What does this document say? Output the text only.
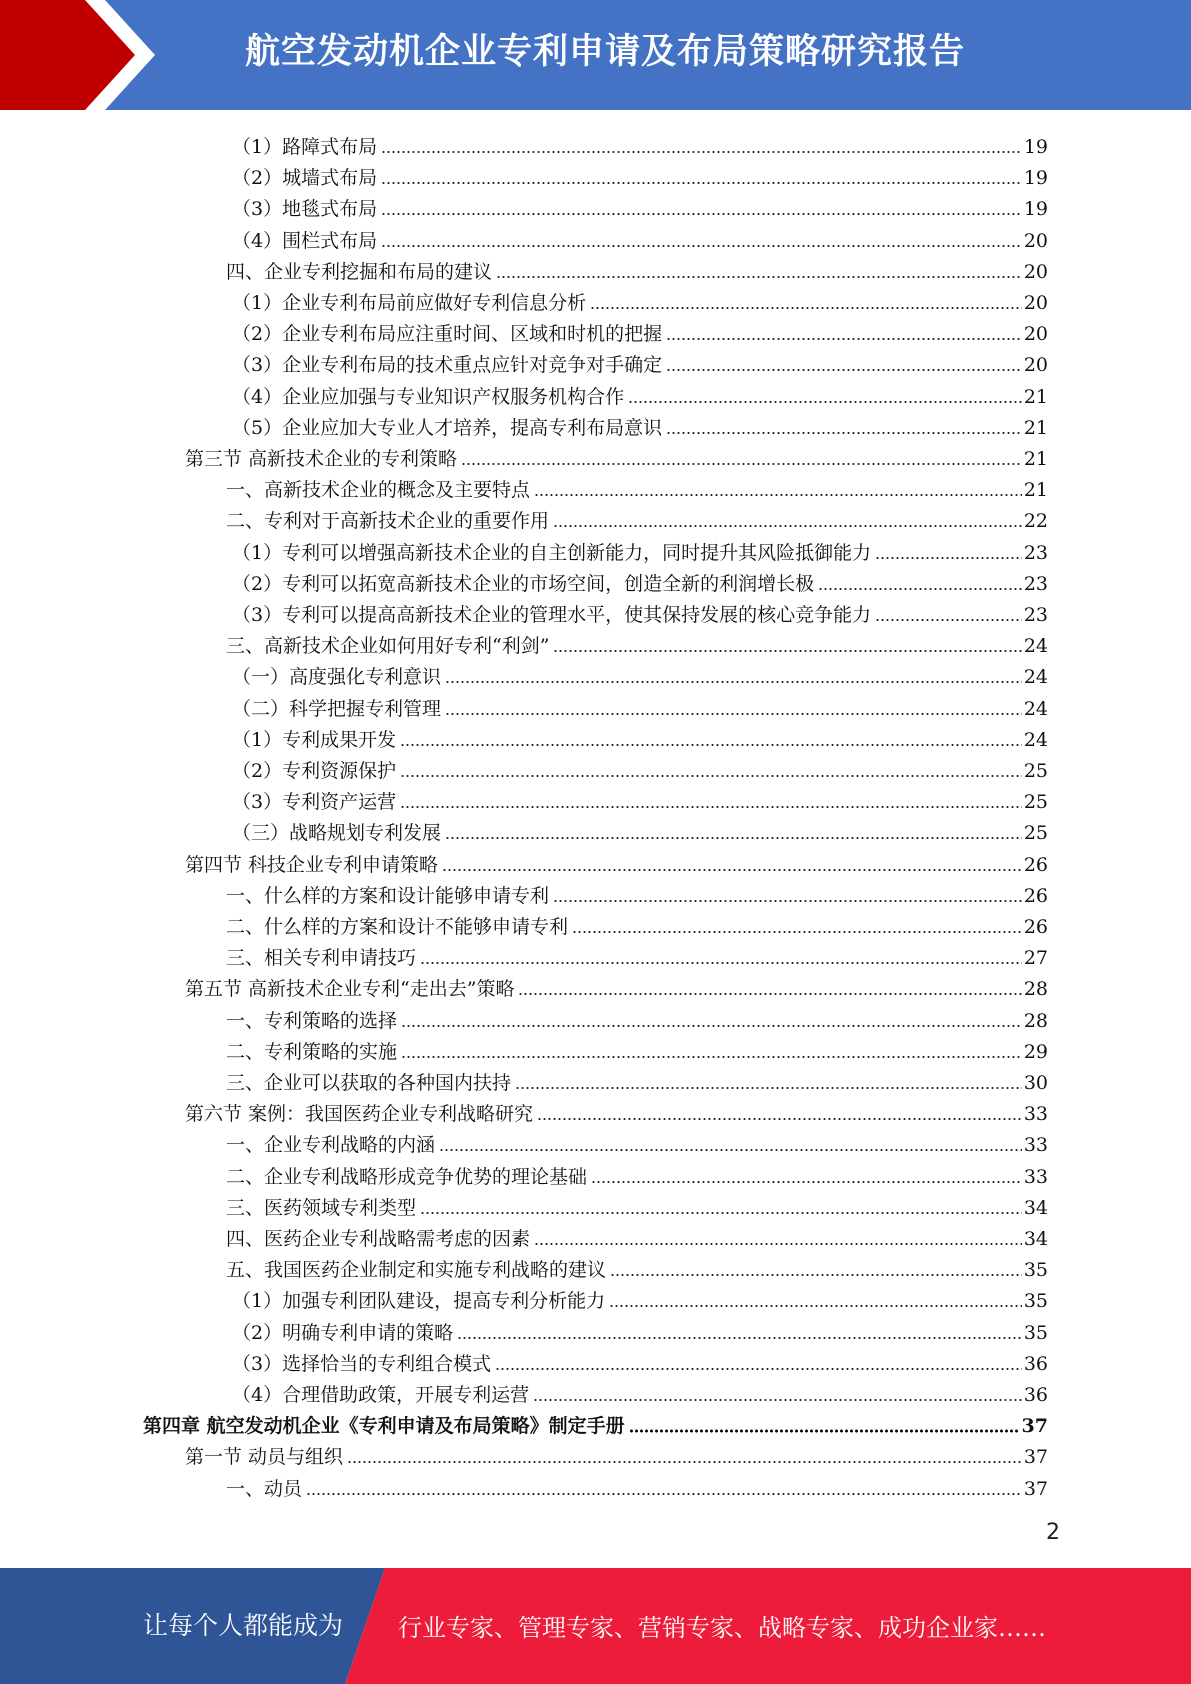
航空发动机企业专利申请及布局策略研究报告
（1）路障式布局	19
（2）城墙式布局	19
（3）地毯式布局	19
（4）围栏式布局	20
四、企业专利挖掘和布局的建议	20
（1）企业专利布局前应做好专利信息分析	20
（2）企业专利布局应注重时间、区域和时机的把握	20
（3）企业专利布局的技术重点应针对竞争对手确定	20
（4）企业应加强与专业知识产权服务机构合作	21
（5）企业应加大专业人才培养，提高专利布局意识	21
第三节 高新技术企业的专利策略	21
一、高新技术企业的概念及主要特点	21
二、专利对于高新技术企业的重要作用	22
（1）专利可以增强高新技术企业的自主创新能力，同时提升其风险抵御能力	23
（2）专利可以拓宽高新技术企业的市场空间，创造全新的利润增长极	23
（3）专利可以提高高新技术企业的管理水平，使其保持发展的核心竞争能力	23
三、高新技术企业如何用好专利“利剑”	24
（一）高度强化专利意识	24
（二）科学把握专利管理	24
（1）专利成果开发	24
（2）专利资源保护	25
（3）专利资产运营	25
（三）战略规划专利发展	25
第四节 科技企业专利申请策略	26
一、什么样的方案和设计能够申请专利	26
二、什么样的方案和设计不能够申请专利	26
三、相关专利申请技巧	27
第五节 高新技术企业专利“走出去”策略	28
一、专利策略的选择	28
二、专利策略的实施	29
三、企业可以获取的各种国内扶持	30
第六节 案例：我国医药企业专利战略研究	33
一、企业专利战略的内涵	33
二、企业专利战略形成竞争优势的理论基础	33
三、医药领域专利类型	34
四、医药企业专利战略需考虑的因素	34
五、我国医药企业制定和实施专利战略的建议	35
（1）加强专利团队建设，提高专利分析能力	35
（2）明确专利申请的策略	35
（3）选择恰当的专利组合模式	36
（4）合理借助政策，开展专利运营	36
第四章 航空发动机企业《专利申请及布局策略》制定手册	37
第一节 动员与组织	37
一、动员	37
2
让每个人都能成为 行业专家、管理专家、营销专家、战略专家、成功企业家……
